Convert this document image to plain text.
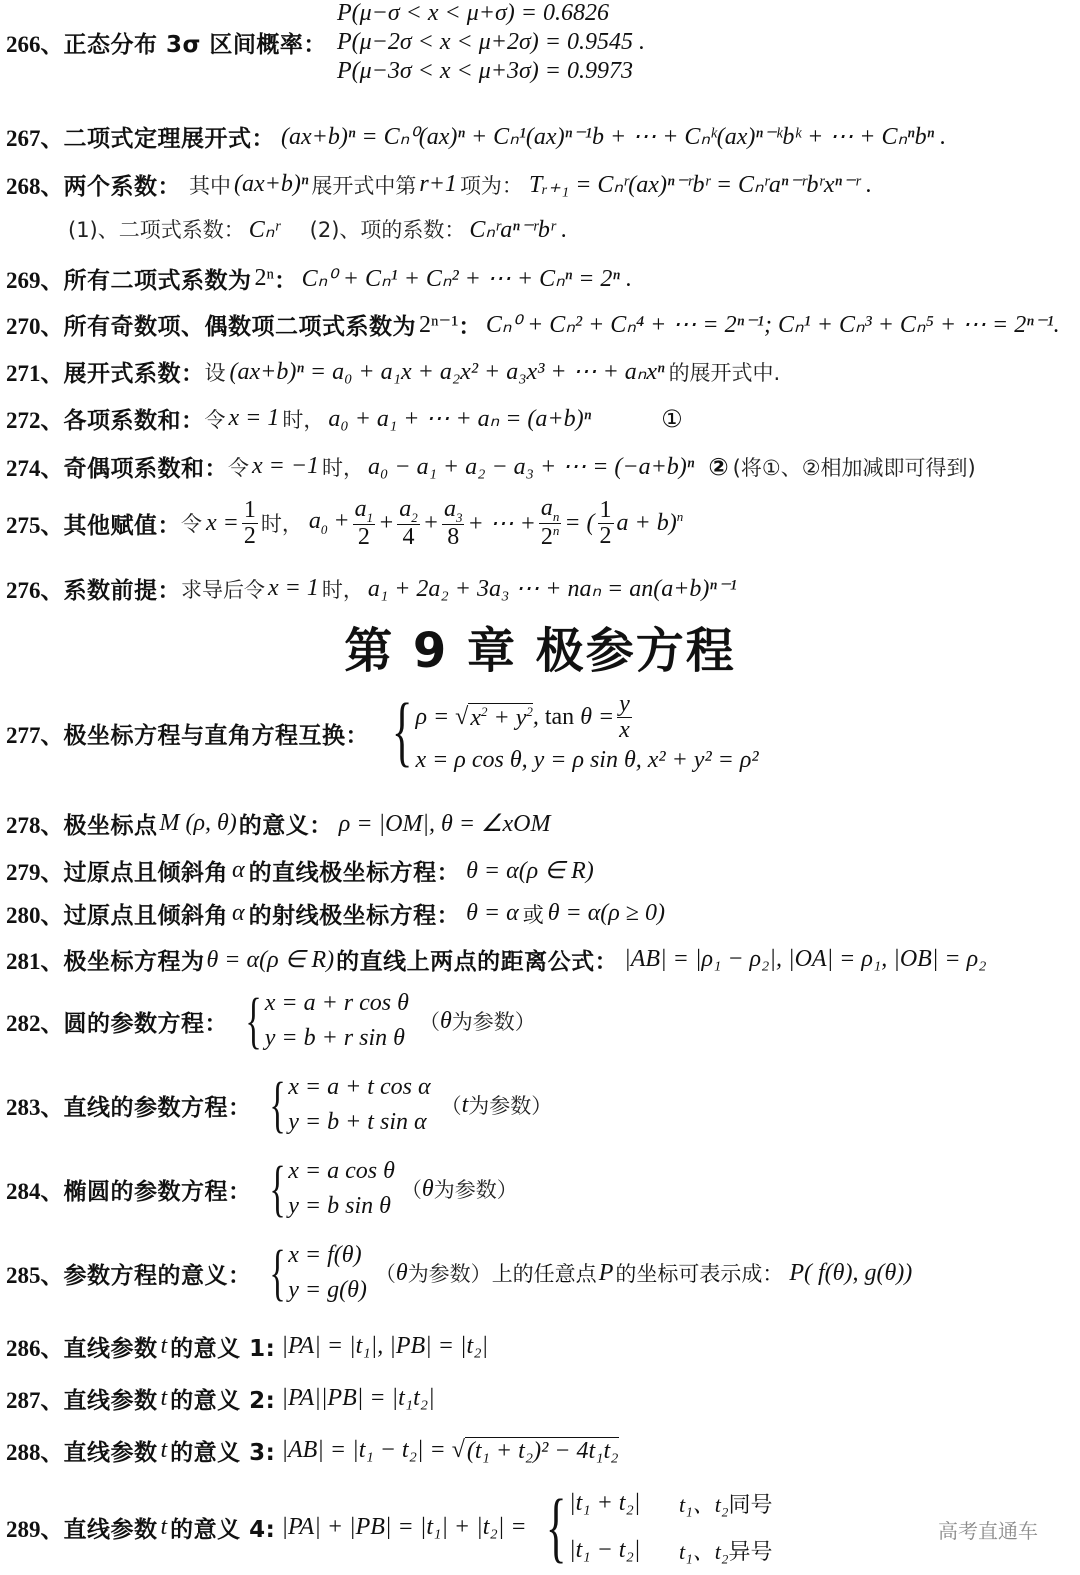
266、 正态分布 3σ 区间概率：
P(μ−σ < x < μ+σ) = 0.6826
P(μ−2σ < x < μ+2σ) = 0.9545 .
P(μ−3σ < x < μ+3σ) = 0.9973
267、 二项式定理展开式： (ax+b)ⁿ = Cₙ⁰(ax)ⁿ + Cₙ¹(ax)ⁿ⁻¹b + ⋯ + Cₙᵏ(ax)ⁿ⁻ᵏbᵏ + ⋯ + Cₙⁿbⁿ .
268、 两个系数： 其中 (ax+b)ⁿ 展开式中第 r+1 项为： Tᵣ₊₁ = Cₙʳ(ax)ⁿ⁻ʳbʳ = Cₙʳaⁿ⁻ʳbʳxⁿ⁻ʳ .
(1)、二项式系数： Cₙʳ (2)、项的系数： Cₙʳaⁿ⁻ʳbʳ .
269、 所有二项式系数为 2ⁿ ： Cₙ⁰ + Cₙ¹ + Cₙ² + ⋯ + Cₙⁿ = 2ⁿ .
270、 所有奇数项、偶数项二项式系数为 2ⁿ⁻¹ ： Cₙ⁰ + Cₙ² + Cₙ⁴ + ⋯ = 2ⁿ⁻¹; Cₙ¹ + Cₙ³ + Cₙ⁵ + ⋯ = 2ⁿ⁻¹.
271、 展开式系数： 设 (ax+b)ⁿ = a₀ + a₁x + a₂x² + a₃x³ + ⋯ + aₙxⁿ 的展开式中.
272、 各项系数和： 令 x = 1 时， a₀ + a₁ + ⋯ + aₙ = (a+b)ⁿ	①
274、 奇偶项系数和： 令 x = −1 时， a₀ − a₁ + a₂ − a₃ + ⋯ = (−a+b)ⁿ ② (将①、②相加减即可得到)
275、 其他赋值： 令 $x = \frac{1}{2}$ 时， $a_0 + \frac{a_1}{2} + \frac{a_2}{4} + \frac{a_3}{8}$ + ⋯ + $\frac{a_n}{2^n}$ = ( $\frac{1}{2}$ a + b)$^n$
276、 系数前提： 求导后令 x = 1 时， a₁ + 2a₂ + 3a₃ ⋯ + naₙ = an(a+b)ⁿ⁻¹
第 9 章 极参方程
277、 极坐标方程与直角方程互换： { ρ = √ $x^2 + y^2$ , $\tan \theta = \frac{y}{x}$
x = ρ cos θ, y = ρ sin θ, x² + y² = ρ²
278、 极坐标点 M (ρ, θ) 的意义： ρ = |OM|, θ = ∠xOM
279、 过原点且倾斜角 α 的直线极坐标方程： θ = α(ρ ∈ R)
280、 过原点且倾斜角 α 的射线极坐标方程： θ = α 或 θ = α(ρ ≥ 0)
281、 极坐标方程为 θ = α(ρ ∈ R) 的直线上两点的距离公式： |AB| = |ρ₁ − ρ₂|, |OA| = ρ₁, |OB| = ρ₂
282、 圆的参数方程： { x = a + r cos θ
y = b + r sin θ
（ θ 为参数）
283、 直线的参数方程： { x = a + t cos α
y = b + t sin α
（ t 为参数）
284、 椭圆的参数方程： { x = a cos θ
y = b sin θ
（ θ 为参数）
285、 参数方程的意义： { x = f(θ)
y = g(θ)
（ θ 为参数） 上的任意点 P 的坐标可表示成： P( f(θ), g(θ))
286、 直线参数 t 的意义 1: |PA| = |t₁|, |PB| = |t₂|
287、 直线参数 t 的意义 2: |PA||PB| = |t₁t₂|
288、 直线参数 t 的意义 3: |AB| = |t₁ − t₂| = √ (t₁ + t₂)² − 4t₁t₂
289、 直线参数 t 的意义 4: |PA| + |PB| = |t₁| + |t₂| = { |t₁ + t₂|	t₁、t₂ 同号
|t₁ − t₂|	t₁、t₂ 异号
高考直通车
